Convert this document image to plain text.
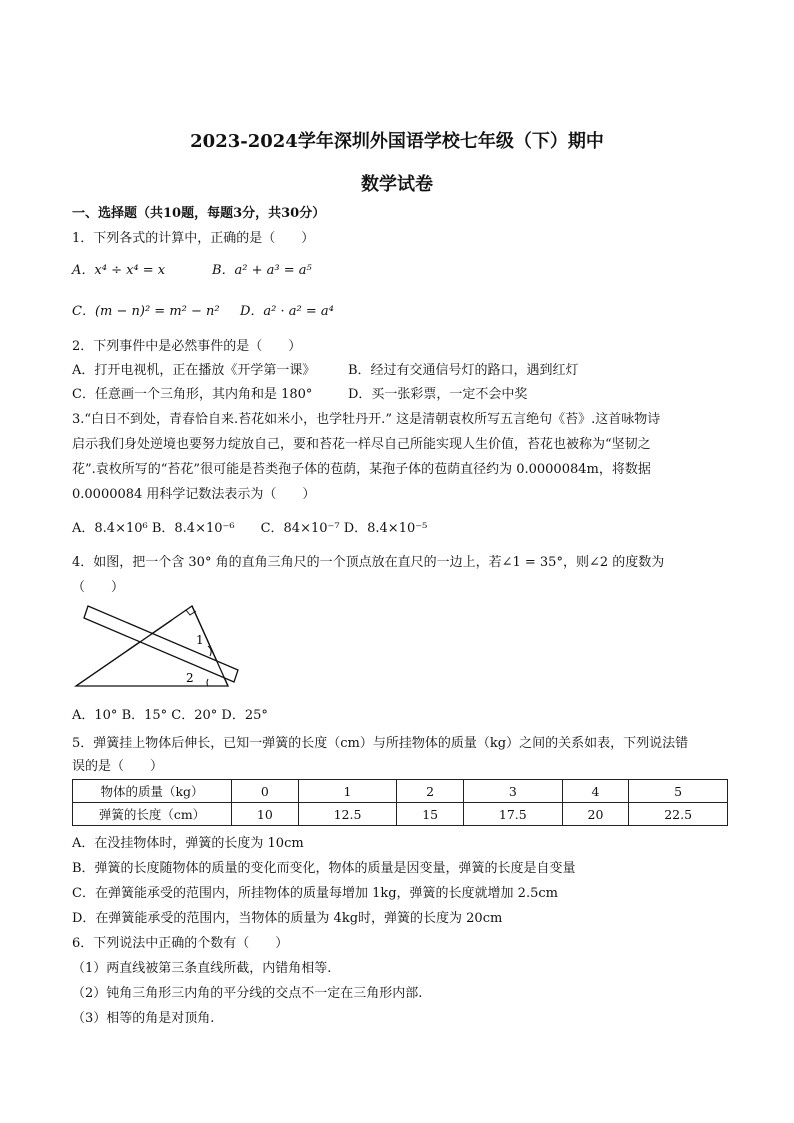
2023-2024学年深圳外国语学校七年级（下）期中
数学试卷
一、选择题（共10题，每题3分，共30分）
1．下列各式的计算中，正确的是（　　）
A．x⁴ ÷ x⁴ = x	B．a² + a³ = a⁵
C．(m − n)² = m² − n² D．a² · a² = a⁴
2．下列事件中是必然事件的是（　　）
A．打开电视机，正在播放《开学第一课》	B．经过有交通信号灯的路口，遇到红灯
C．任意画一个三角形，其内角和是 180°	D．买一张彩票，一定不会中奖
3.“白日不到处，青春恰自来.苔花如米小，也学牡丹开.” 这是清朝袁枚所写五言绝句《苔》.这首咏物诗
启示我们身处逆境也要努力绽放自己，要和苔花一样尽自己所能实现人生价值，苔花也被称为“坚韧之
花”.袁枚所写的“苔花”很可能是苔类孢子体的苞荫，某孢子体的苞荫直径约为 0.0000084m，将数据
0.0000084 用科学记数法表示为（　　）
A．8.4×10⁶ B．8.4×10⁻⁶　　C．84×10⁻⁷ D．8.4×10⁻⁵
4．如图，把一个含 30° 角的直角三角尺的一个顶点放在直尺的一边上，若∠1 = 35°，则∠2 的度数为
（　　）
1
2
A．10° B．15° C．20° D．25°
5．弹簧挂上物体后伸长，已知一弹簧的长度（cm）与所挂物体的质量（kg）之间的关系如表，下列说法错
误的是（　　）
物体的质量（kg）	0	1	2	3	4	5
弹簧的长度（cm）	10	12.5	15	17.5	20	22.5
A．在没挂物体时，弹簧的长度为 10cm
B．弹簧的长度随物体的质量的变化而变化，物体的质量是因变量，弹簧的长度是自变量
C．在弹簧能承受的范围内，所挂物体的质量每增加 1kg，弹簧的长度就增加 2.5cm
D．在弹簧能承受的范围内，当物体的质量为 4kg时，弹簧的长度为 20cm
6．下列说法中正确的个数有（　　）
（1）两直线被第三条直线所截，内错角相等.
（2）钝角三角形三内角的平分线的交点不一定在三角形内部.
（3）相等的角是对顶角.
